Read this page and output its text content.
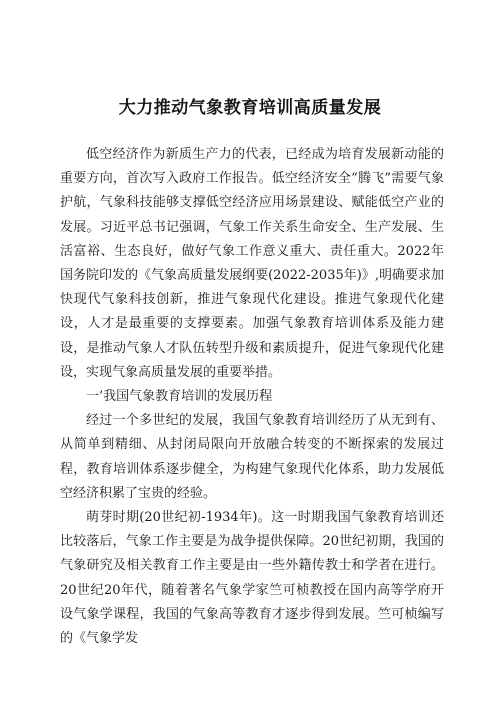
大力推动气象教育培训高质量发展

低空经济作为新质生产力的代表，已经成为培育发展新动能的重要方向，首次写入政府工作报告。低空经济安全“腾飞”需要气象护航，气象科技能够支撑低空经济应用场景建设、赋能低空产业的发展。习近平总书记强调，气象工作关系生命安全、生产发展、生活富裕、生态良好，做好气象工作意义重大、责任重大。2022年国务院印发的《气象高质量发展纲要(2022-2035年)》,明确要求加快现代气象科技创新，推进气象现代化建设。推进气象现代化建设，人才是最重要的支撑要素。加强气象教育培训体系及能力建设，是推动气象人才队伍转型升级和素质提升，促进气象现代化建设，实现气象高质量发展的重要举措。

一’我国气象教育培训的发展历程

经过一个多世纪的发展，我国气象教育培训经历了从无到有、从简单到精细、从封闭局限向开放融合转变的不断探索的发展过程，教育培训体系逐步健全，为构建气象现代化体系，助力发展低空经济积累了宝贵的经验。

萌芽时期(20世纪初-1934年)。这一时期我国气象教育培训还比较落后，气象工作主要是为战争提供保障。20世纪初期，我国的气象研究及相关教育工作主要是由一些外籍传教士和学者在进行。20世纪20年代，随着著名气象学家竺可桢教授在国内高等学府开设气象学课程，我国的气象高等教育才逐步得到发展。竺可桢编写的《气象学发
